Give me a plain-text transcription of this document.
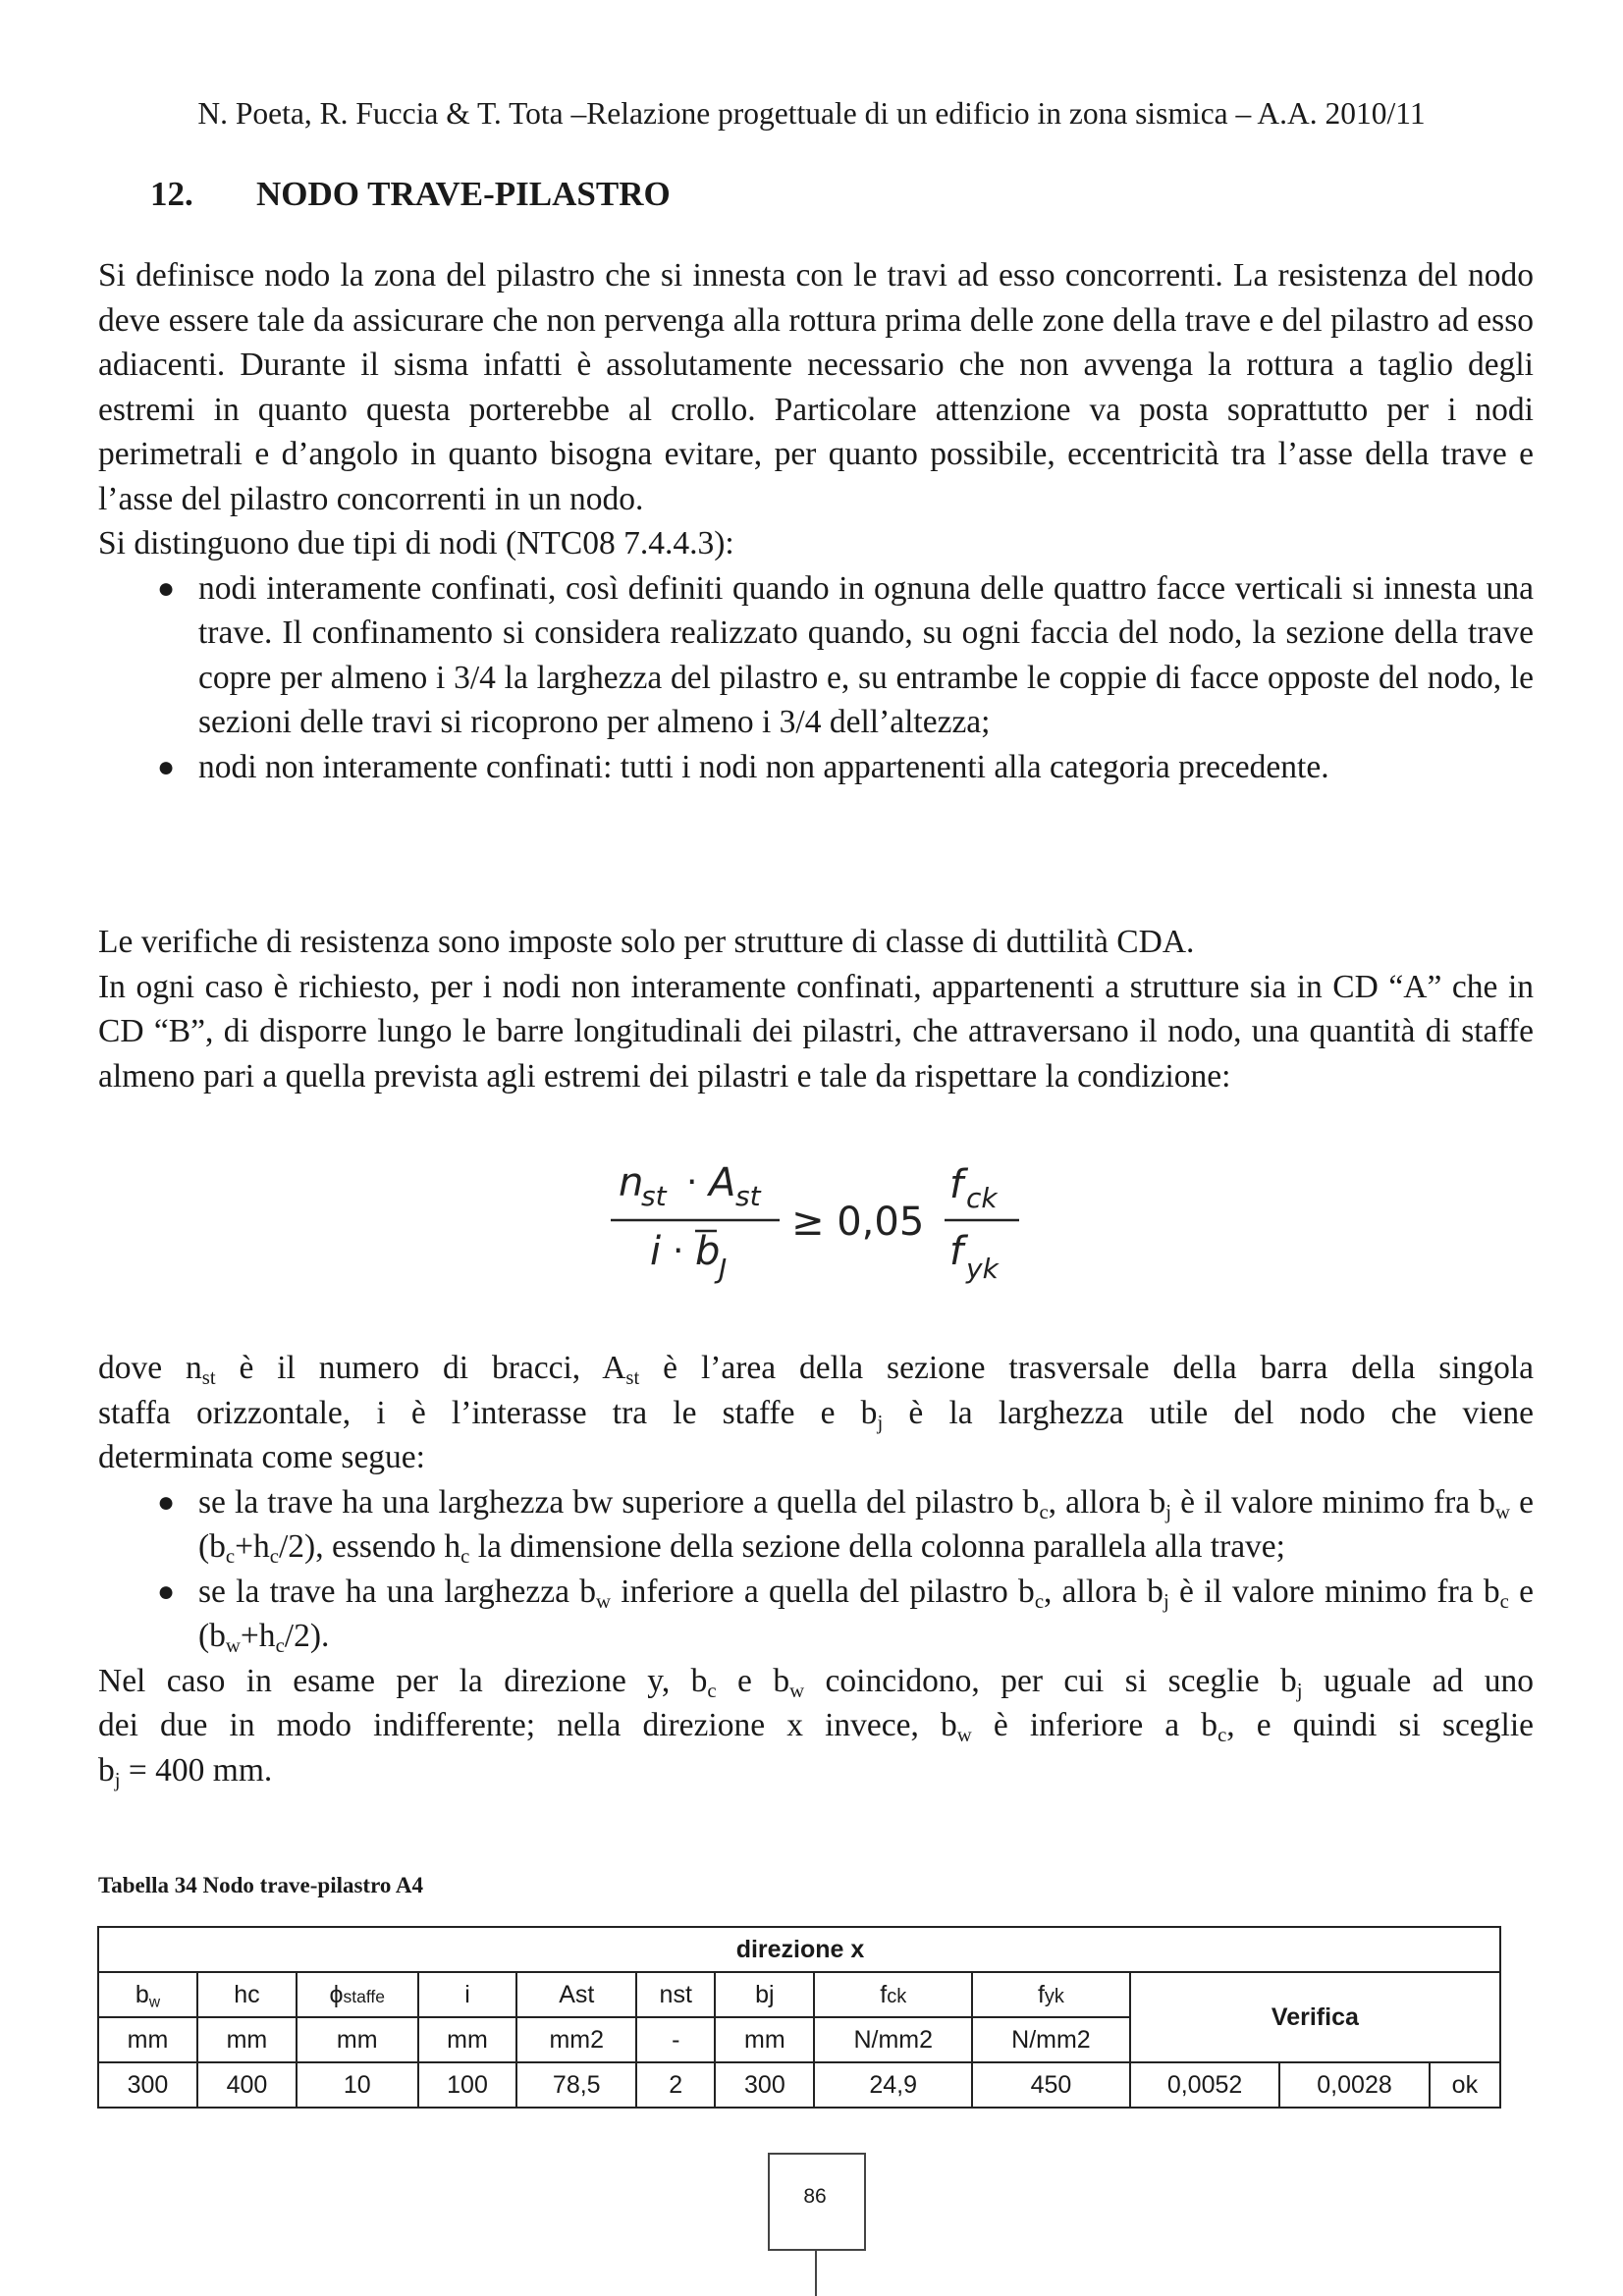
N. Poeta, R. Fuccia & T. Tota –Relazione progettuale di un edificio in zona sismica – A.A. 2010/11
12. NODO TRAVE-PILASTRO

Si definisce nodo la zona del pilastro che si innesta con le travi ad esso concorrenti. La resistenza del nodo deve essere tale da assicurare che non pervenga alla rottura prima delle zone della trave e del pilastro ad esso adiacenti. Durante il sisma infatti è assolutamente necessario che non avvenga la rottura a taglio degli estremi in quanto questa porterebbe al crollo. Particolare attenzione va posta soprattutto per i nodi perimetrali e d’angolo in quanto bisogna evitare, per quanto possibile, eccentricità tra l’asse della trave e l’asse del pilastro concorrenti in un nodo.

Si distinguono due tipi di nodi (NTC08 7.4.4.3):

● nodi interamente confinati, così definiti quando in ognuna delle quattro facce verticali si innesta una trave. Il confinamento si considera realizzato quando, su ogni faccia del nodo, la sezione della trave copre per almeno i 3/4 la larghezza del pilastro e, su entrambe le coppie di facce opposte del nodo, le sezioni delle travi si ricoprono per almeno i 3/4 dell’altezza;
● nodi non interamente confinati: tutti i nodi non appartenenti alla categoria precedente.

Le verifiche di resistenza sono imposte solo per strutture di classe di duttilità CDA.

In ogni caso è richiesto, per i nodi non interamente confinati, appartenenti a strutture sia in CD “A” che in CD “B”, di disporre lungo le barre longitudinali dei pilastri, che attraversano il nodo, una quantità di staffe almeno pari a quella prevista agli estremi dei pilastri e tale da rispettare la condizione:

n
st · A st
i · b
J
≥ 0,05
f ck
f yk
dove $n_{st}$ è il numero di bracci, $A_{st}$ è l’area della sezione trasversale della barra della singola
staffa orizzontale, i è l’interasse tra le staffe e $b_j$ è la larghezza utile del nodo che viene
determinata come segue:
● se la trave ha una larghezza bw superiore a quella del pilastro $b_c$, allora $b_j$ è il valore minimo fra $b_w$ e $(b_c+h_c/2)$, essendo $h_c$ la dimensione della sezione della colonna parallela alla trave;
● se la trave ha una larghezza $b_w$ inferiore a quella del pilastro $b_c$, allora $b_j$ è il valore minimo fra $b_c$ e $(b_w+h_c/2)$.
Nel caso in esame per la direzione y, $b_c$ e $b_w$ coincidono, per cui si sceglie $b_j$ uguale ad uno
dei due in modo indifferente; nella direzione x invece, $b_w$ è inferiore a $b_c$, e quindi si sceglie
$b_j = 400$ mm.
Tabella 34 Nodo trave-pilastro A4

$b_w$	hc	ϕstaffe	i	Ast	nst	bj	fck	fyk	Verifica		
mm	mm	mm	mm	mm2	-	mm	N/mm2	N/mm2			
300	400	10	100	78,5	2	300	24,9	450	0,0052	0,0028	ok
direzione x
86
